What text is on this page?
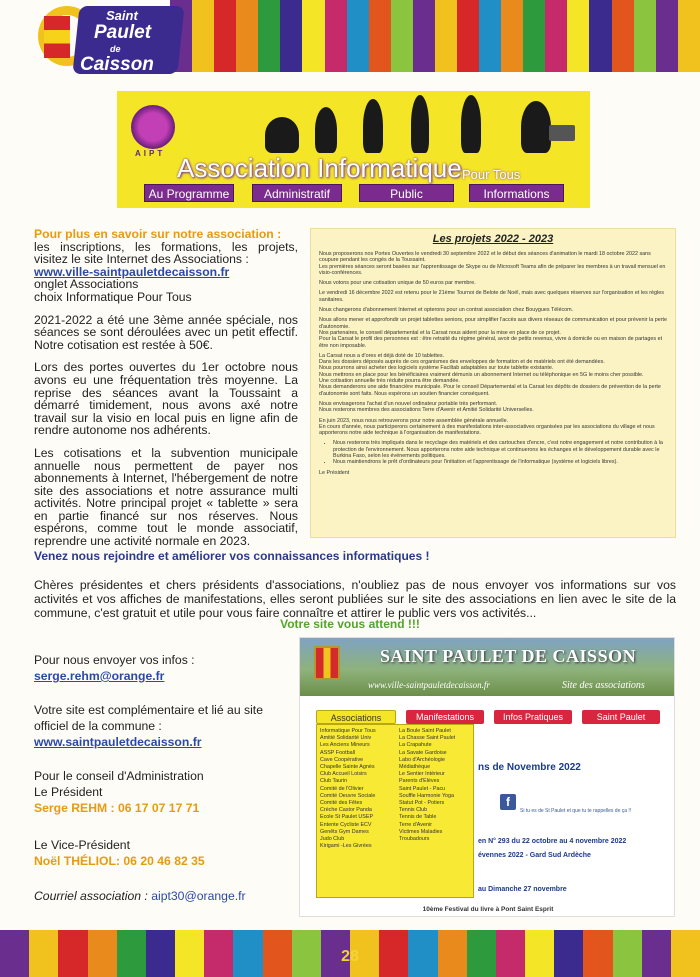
Saint
Paulet
de
Caisson
AIPT Association Informatique Pour Tous
Au Programme	Administratif	Public	Informations

Pour plus en savoir sur notre association :
les inscriptions, les formations, les projets, visitez le site Internet des Associations :
www.ville-saintpauletdecaisson.fr
onglet Associations
choix Informatique Pour Tous

2021-2022 a été une 3ème année spéciale, nos séances se sont déroulées avec un petit effectif. Notre cotisation est restée à 50€.

Lors des portes ouvertes du 1er octobre nous avons eu une fréquentation très moyenne. La reprise des séances avant la Toussaint a démarré timidement, nous avons axé notre travail sur la visio en local puis en ligne afin de rendre autonome nos adhérents.

Les cotisations et la subvention municipale annuelle nous permettent de payer nos abonnements à Internet, l'hébergement de notre site des associations et notre assurance multi activités. Notre principal projet « tablette » sera en partie financé sur nos réserves. Nous espérons, comme tout le monde associatif, reprendre une activité normale en 2023.

Les projets 2022 - 2023

Nous proposerons nos Portes Ouvertes le vendredi 30 septembre 2022 et le début des séances d'animation le mardi 18 octobre 2022 sans coupure pendant les congés de la Toussaint.
Les premières séances seront basées sur l'apprentissage de Skype ou de Microsoft Teams afin de préparer les membres à un travail mensuel en visio-conférences.

Nous votons pour une cotisation unique de 50 euros par membre.

Le vendredi 16 décembre 2022 est retenu pour le 21ème Tournoi de Belote de Noël, mais avec quelques réserves sur l'organisation et les règles sanitaires.

Nous changerons d'abonnement Internet et opterons pour un contrat association chez Bouygues Télécom.

Nous allons mener et approfondir un projet tablettes seniors, pour simplifier l'accès aux divers réseaux de communication et pour prévenir la perte d'autonomie.
Nos partenaires, le conseil départemental et la Carsat nous aident pour la mise en place de ce projet.
Pour la Carsat le profil des personnes est : être retraité du régime général, avoir de petits revenus, vivre à domicile ou en maison de partages et être non imposable.

La Carsat nous a d'ores et déjà doté de 10 tablettes.
Dans les dossiers déposés auprès de ces organismes des enveloppes de formation et de matériels ont été demandées.
Nous pourrons ainsi acheter des logiciels système Faciltab adaptables sur toute tablette existante.
Nous mettrons en place pour les bénéficiaires vraiment démunis un abonnement Internet ou téléphonique en 5G le moins cher possible.
Une cotisation annuelle très réduite pourra être demandée.
Nous demanderons une aide financière municipale. Pour le conseil Départemental et la Carsat les dépôts de dossiers de prévention de la perte d'autonomie sont faits. Nous espérons un soutien financier conséquent.

Nous envisagerons l'achat d'un nouvel ordinateur portable très performant.
Nous resterons membres des associations Terre d'Avenir et Amitié Solidarité Universelles.

En juin 2023, nous nous retrouverons pour notre assemblée générale annuelle.
En cours d'année, nous participerons certainement à des manifestations inter-associatives organisées par les associations du village et nous apporterons notre aide technique à l'organisation de manifestations.

• Nous resterons très impliqués dans le recyclage des matériels et des cartouches d'encre, c'est notre engagement et notre contribution à la protection de l'environnement. Nous apporterons notre aide technique et continuerons les échanges et le développement durable avec le Burkina Faso, selon les événements politiques.
• Nous maintiendrons le prêt d'ordinateurs pour l'initiation et l'apprentissage de l'informatique (système et logiciels libres).

Le Président

Venez nous rejoindre et améliorer vos connaissances informatiques !
Chères présidentes et chers présidents d'associations, n'oubliez pas de nous envoyer vos informations sur vos activités et vos affiches de manifestations, elles seront publiées sur le site des associations en lien avec le site de la commune, c'est gratuit et utile pour vous faire connaître et attirer le public vers vos activités...
Votre site vous attend !!!
Pour nous envoyer vos infos :
serge.rehm@orange.fr
Votre site est complémentaire et lié au site officiel de la commune :
www.saintpauletdecaisson.fr
Pour le conseil d'Administration
Le Président
Serge REHM : 06 17 07 17 71
Le Vice-Président
Noël THÉLIOL: 06 20 46 82 35
Courriel association : aipt30@orange.fr
SAINT PAULET DE CAISSON
www.ville-saintpauletdecaisson.fr	Site des associations
Associations	Manifestations	Infos Pratiques	Saint Paulet
Informatique Pour Tous
Amitié Solidarité Univ
Les Anciens Mineurs
ASSP Football
Cave Coopérative
Chapelle Sainte Agnès
Club Accueil Loisirs
Club Taurin
Comité de l'Olivier
Comité Oeuvre Sociale
Comité des Fêtes
Crèche Castor Panda
Ecole St Paulet USEP
Entente Cycliste ECV
Genêts Gym Dames
Judo Club
Kirigami -Les Givrées
La Boule Saint Paulet
La Chasse Saint Paulet
La Crapahute
La Savate Gardoise
Labo d'Archéologie
Médiathèque
Le Sentier Intérieur
Parents d'Élèves
Saint Paulet - Pacu
Souffle Harmonie Yoga
Statut Pot - Potiers
Tennis Club
Tennis de Table
Terre d'Avenir
Victimes Maladies
Troubadours
ns de Novembre 2022
f
Si tu es de St Paulet et que tu te rappelles de ça !!
en N° 293 du 22 octobre au 4 novembre 2022
évennes 2022 - Gard Sud Ardèche
au Dimanche 27 novembre
10ème Festival du livre à Pont Saint Esprit
28
